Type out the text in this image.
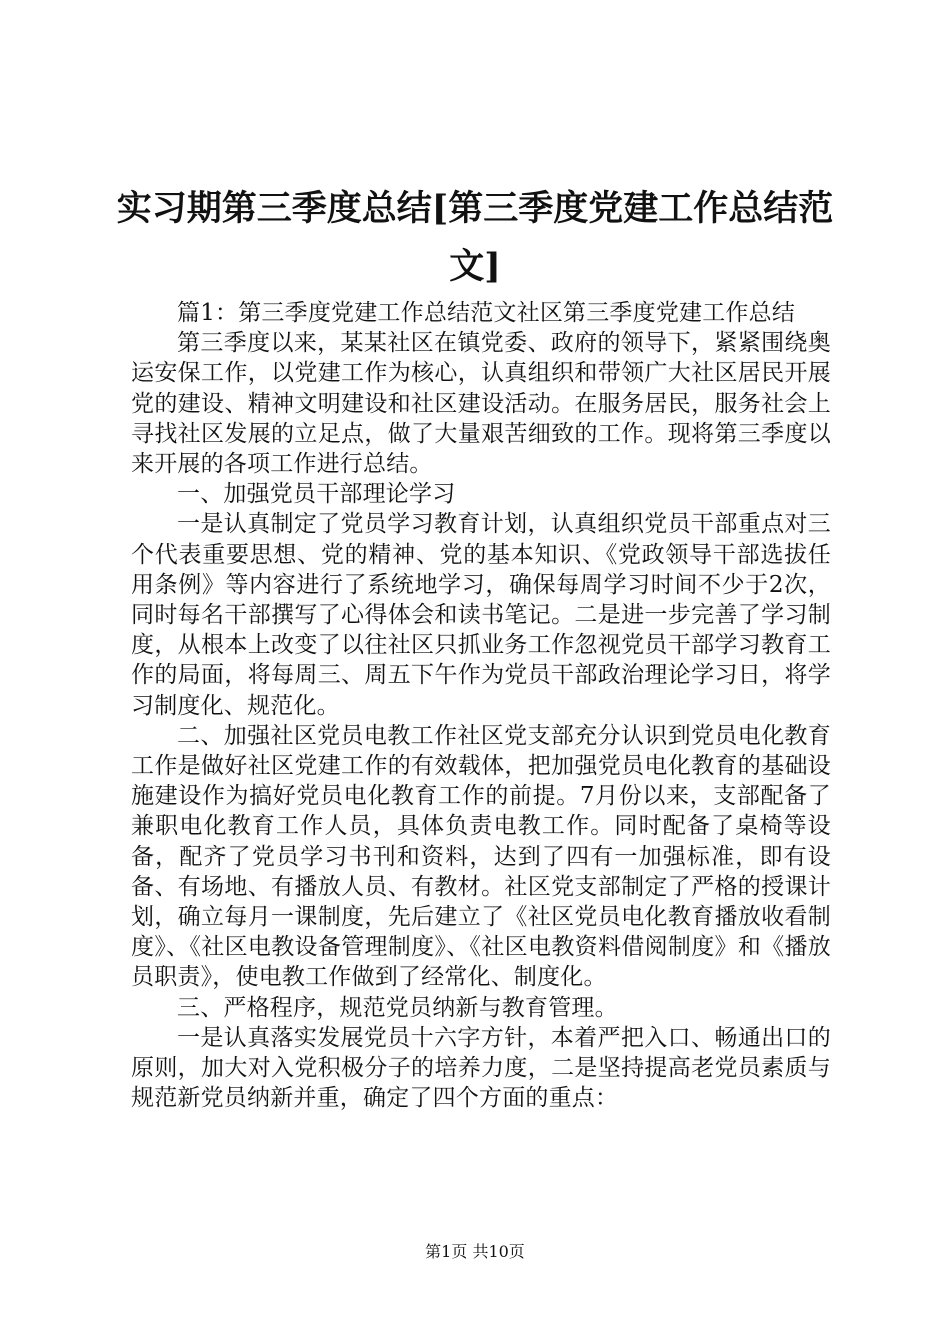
实习期第三季度总结[第三季度党建工作总结范文]

篇1：第三季度党建工作总结范文社区第三季度党建工作总结

第三季度以来，某某社区在镇党委、政府的领导下，紧紧围绕奥运安保工作，以党建工作为核心，认真组织和带领广大社区居民开展党的建设、精神文明建设和社区建设活动。在服务居民，服务社会上寻找社区发展的立足点，做了大量艰苦细致的工作。现将第三季度以来开展的各项工作进行总结。

一、加强党员干部理论学习

一是认真制定了党员学习教育计划，认真组织党员干部重点对三个代表重要思想、党的精神、党的基本知识、《党政领导干部选拔任用条例》等内容进行了系统地学习，确保每周学习时间不少于2次，同时每名干部撰写了心得体会和读书笔记。二是进一步完善了学习制度，从根本上改变了以往社区只抓业务工作忽视党员干部学习教育工作的局面，将每周三、周五下午作为党员干部政治理论学习日，将学习制度化、规范化。

二、加强社区党员电教工作社区党支部充分认识到党员电化教育工作是做好社区党建工作的有效载体，把加强党员电化教育的基础设施建设作为搞好党员电化教育工作的前提。7月份以来，支部配备了兼职电化教育工作人员，具体负责电教工作。同时配备了桌椅等设备，配齐了党员学习书刊和资料，达到了四有一加强标准，即有设备、有场地、有播放人员、有教材。社区党支部制定了严格的授课计划，确立每月一课制度，先后建立了《社区党员电化教育播放收看制度》、《社区电教设备管理制度》、《社区电教资料借阅制度》和《播放员职责》，使电教工作做到了经常化、制度化。

三、严格程序，规范党员纳新与教育管理。

一是认真落实发展党员十六字方针，本着严把入口、畅通出口的原则，加大对入党积极分子的培养力度，二是坚持提高老党员素质与规范新党员纳新并重，确定了四个方面的重点：

第1页 共10页
